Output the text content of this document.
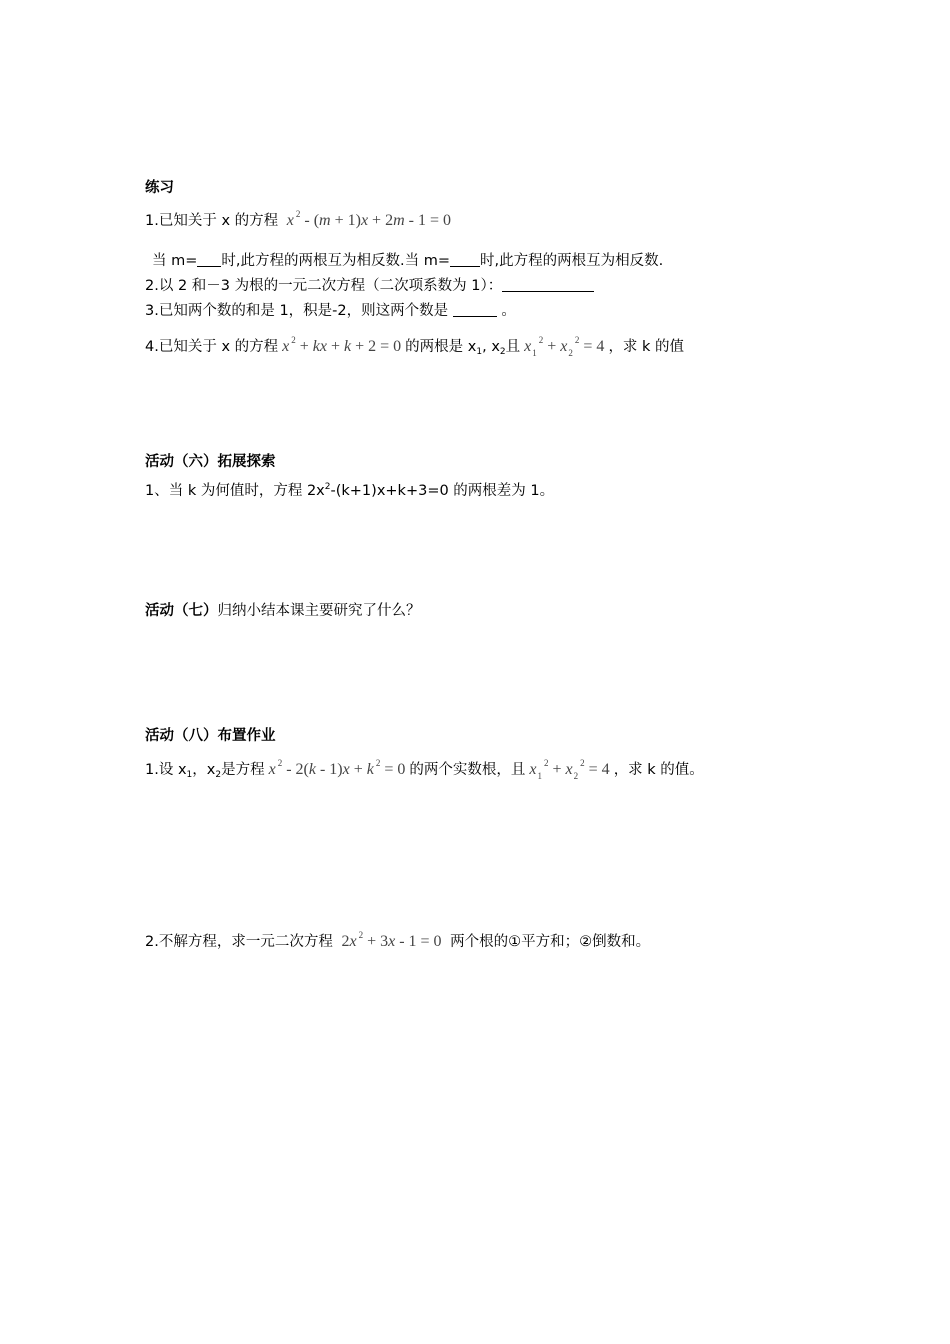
练习
1.已知关于 x 的方程 x $^2$ - (m + 1)x + 2m - 1 = 0
当 m= 时,此方程的两根互为相反数.当 m= 时,此方程的两根互为相反数.
2.以 2 和－3 为根的一元二次方程（二次项系数为 1）：
3.已知两个数的和是 1，积是-2，则这两个数是	。
4.已知关于 x 的方程 x $^2$ + kx + k + 2 = 0 的两根是 $x_1$, $x_2$且 $x_1^2 + x_2^2 = 4$ ，求 k 的值
活动（六）拓展探索
1、当 k 为何值时，方程 $2x^2-(k+1)x+k+3=0$ 的两根差为 1。
活动（七）归纳小结本课主要研究了什么？
活动（八）布置作业
1.设 $x_1$，$x_2$是方程 x $^2$ - 2(k - 1)x + k $^2$ = 0 的两个实数根，且 $x_1^2 + x_2^2 = 4$ ，求 k 的值。
2.不解方程，求一元二次方程 2x $^2$ + 3x - 1 = 0 两个根的①平方和；②倒数和。
